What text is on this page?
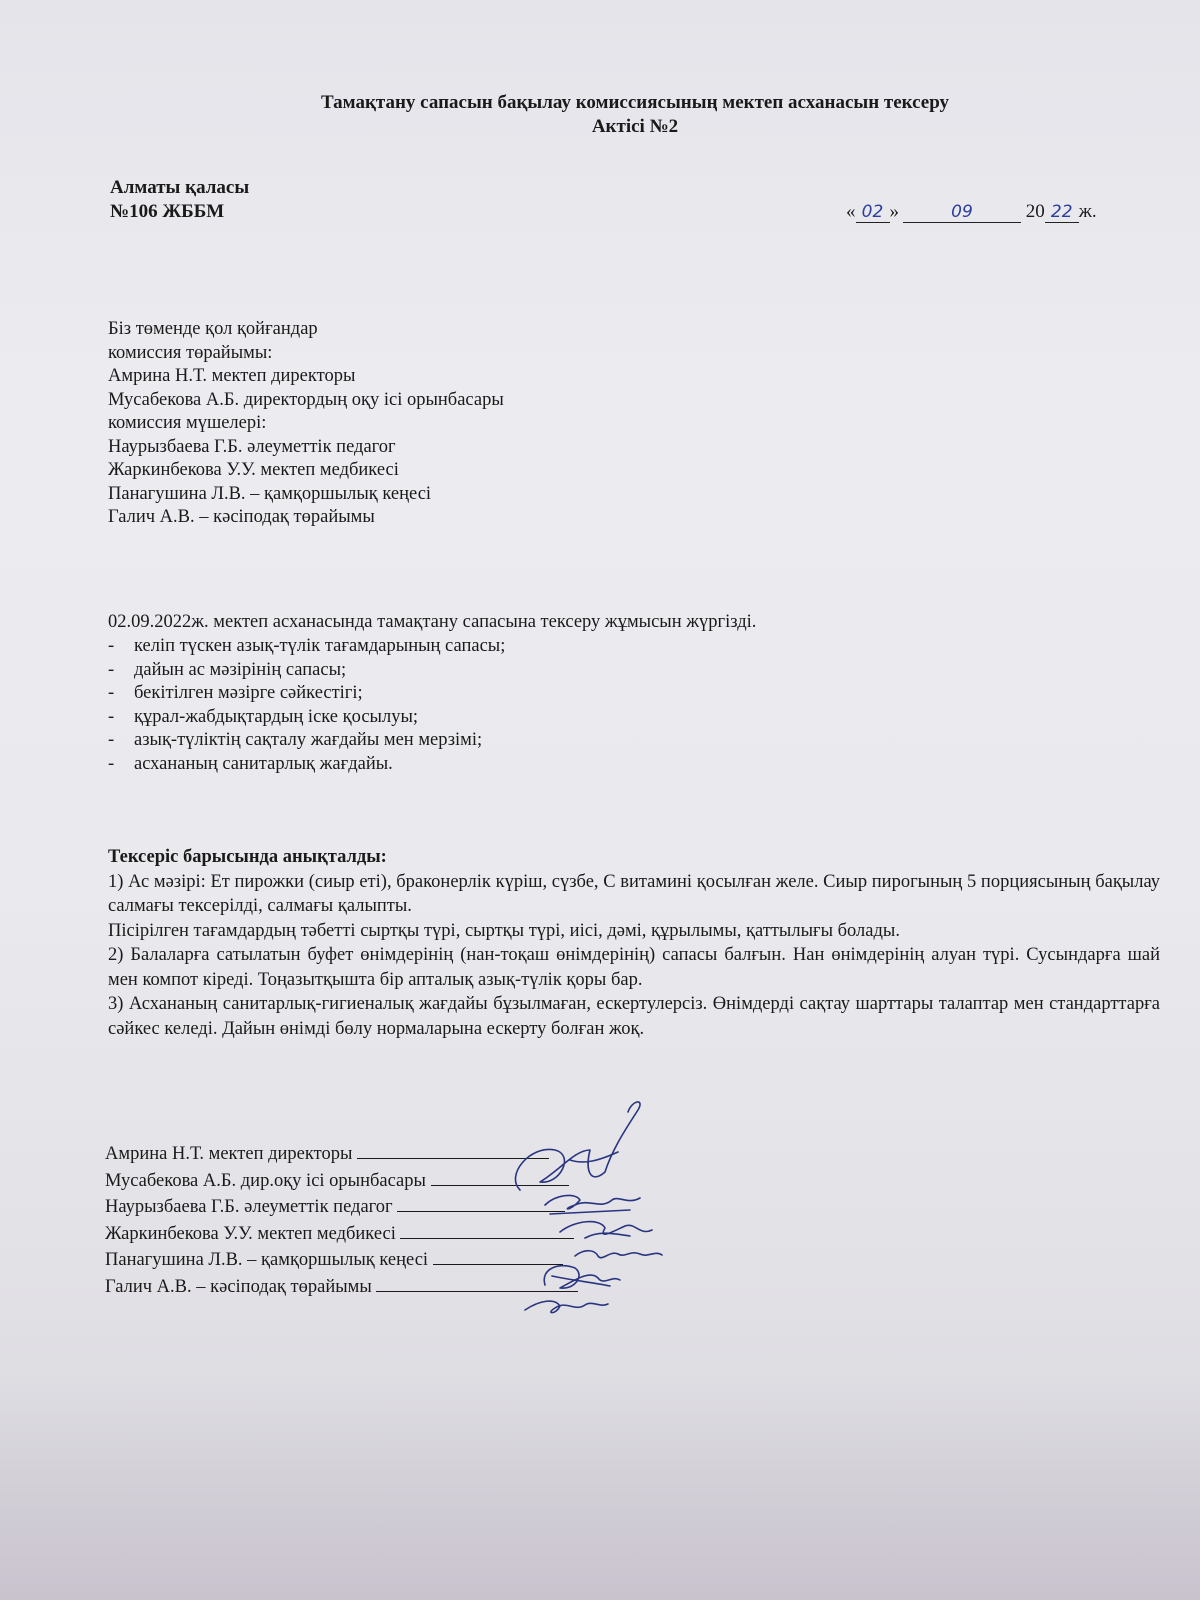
Тамақтану сапасын бақылау комиссиясының мектеп асханасын тексеру
Актісі №2
Алматы қаласы
№106 ЖББМ	« 02 »	09	20 22 ж.
Біз төменде қол қойғандар
комиссия төрайымы:
Амрина Н.Т. мектеп директоры
Мусабекова А.Б. директордың оқу ісі орынбасары
комиссия мүшелері:
Наурызбаева Г.Б. әлеуметтік педагог
Жаркинбекова У.У. мектеп медбикесі
Панагушина Л.В. – қамқоршылық кеңесі
Галич А.В. – кәсіподақ төрайымы
02.09.2022ж. мектеп асханасында тамақтану сапасына тексеру жұмысын жүргізді.
- келіп түскен азық-түлік тағамдарының сапасы;
- дайын ас мәзірінің сапасы;
- бекітілген мәзірге сәйкестігі;
- құрал-жабдықтардың іске қосылуы;
- азық-түліктің сақталу жағдайы мен мерзімі;
- асхананың санитарлық жағдайы.
Тексеріс барысында анықталды:

1) Ас мәзірі: Ет пирожки (сиыр еті), браконерлік күріш, сүзбе, С витамині қосылған желе. Сиыр пирогының 5 порциясының бақылау салмағы тексерілді, салмағы қалыпты.

Пісірілген тағамдардың тәбетті сыртқы түрі, сыртқы түрі, иісі, дәмі, құрылымы, қаттылығы болады.

2) Балаларға сатылатын буфет өнімдерінің (нан-тоқаш өнімдерінің) сапасы балғын. Нан өнімдерінің алуан түрі. Сусындарға шай мен компот кіреді. Тоңазытқышта бір апталық азық-түлік қоры бар.

3) Асхананың санитарлық-гигиеналық жағдайы бұзылмаған, ескертулерсіз. Өнімдерді сақтау шарттары талаптар мен стандарттарға сәйкес келеді. Дайын өнімді бөлу нормаларына ескерту болған жоқ.

Амрина Н.Т. мектеп директоры
Мусабекова А.Б. дир.оқу ісі орынбасары
Наурызбаева Г.Б. әлеуметтік педагог
Жаркинбекова У.У. мектеп медбикесі
Панагушина Л.В. – қамқоршылық кеңесі
Галич А.В. – кәсіподақ төрайымы
